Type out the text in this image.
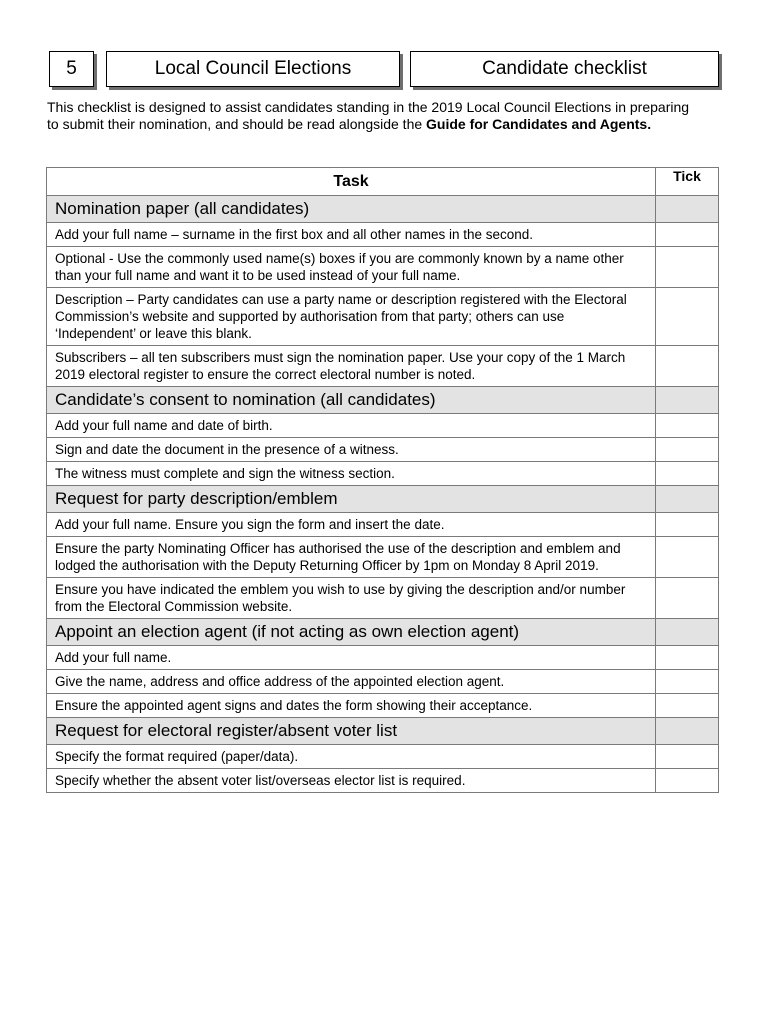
5	Local Council Elections	Candidate checklist
This checklist is designed to assist candidates standing in the 2019 Local Council Elections in preparing to submit their nomination, and should be read alongside the Guide for Candidates and Agents.
Task	Tick
Nomination paper (all candidates)	
Add your full name – surname in the first box and all other names in the second.	
Optional - Use the commonly used name(s) boxes if you are commonly known by a name other than your full name and want it to be used instead of your full name.	
Description – Party candidates can use a party name or description registered with the Electoral Commission’s website and supported by authorisation from that party; others can use ‘Independent’ or leave this blank.	
Subscribers – all ten subscribers must sign the nomination paper. Use your copy of the 1 March 2019 electoral register to ensure the correct electoral number is noted.	
Candidate’s consent to nomination (all candidates)	
Add your full name and date of birth.	
Sign and date the document in the presence of a witness.	
The witness must complete and sign the witness section.	
Request for party description/emblem	
Add your full name. Ensure you sign the form and insert the date.	
Ensure the party Nominating Officer has authorised the use of the description and emblem and lodged the authorisation with the Deputy Returning Officer by 1pm on Monday 8 April 2019.	
Ensure you have indicated the emblem you wish to use by giving the description and/or number from the Electoral Commission website.	
Appoint an election agent (if not acting as own election agent)	
Add your full name.	
Give the name, address and office address of the appointed election agent.	
Ensure the appointed agent signs and dates the form showing their acceptance.	
Request for electoral register/absent voter list	
Specify the format required (paper/data).	
Specify whether the absent voter list/overseas elector list is required.	
